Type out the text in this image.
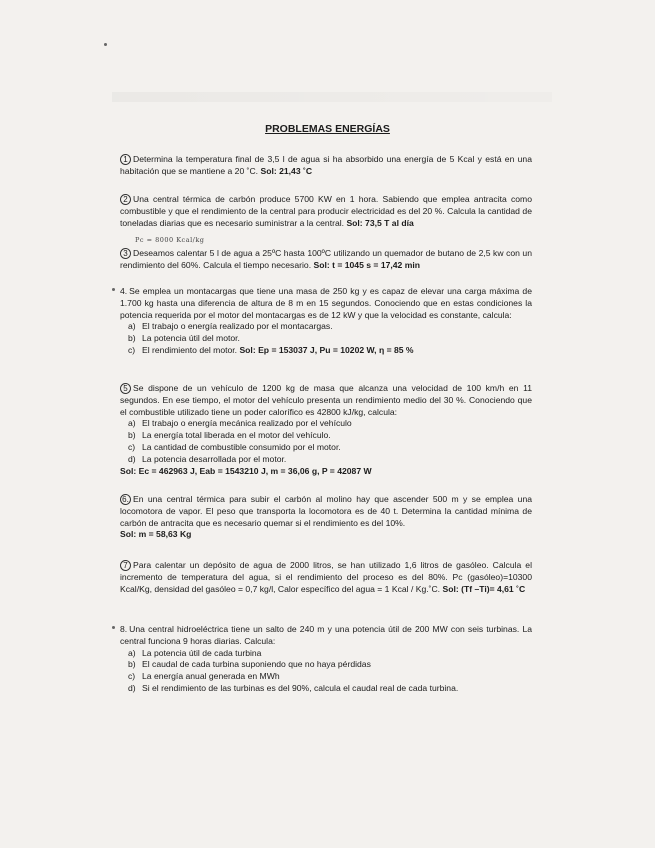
PROBLEMAS ENERGÍAS
1 Determina la temperatura final de 3,5 l de agua si ha absorbido una energía de 5 Kcal y está en una habitación que se mantiene a 20 ˚C. Sol: 21,43 ˚C
2 Una central térmica de carbón produce 5700 KW en 1 hora. Sabiendo que emplea antracita como combustible y que el rendimiento de la central para producir electricidad es del 20 %. Calcula la cantidad de toneladas diarias que es necesario suministrar a la central. Sol: 73,5 T al día
Pc = 8000 Kcal/kg
3 Deseamos calentar 5 l de agua a 25ºC hasta 100ºC utilizando un quemador de butano de 2,5 kw con un rendimiento del 60%. Calcula el tiempo necesario. Sol: t = 1045 s = 17,42 min
4. Se emplea un montacargas que tiene una masa de 250 kg y es capaz de elevar una carga máxima de 1.700 kg hasta una diferencia de altura de 8 m en 15 segundos. Conociendo que en estas condiciones la potencia requerida por el motor del montacargas es de 12 kW y que la velocidad es constante, calcula:
a) El trabajo o energía realizado por el montacargas.
b) La potencia útil del motor.
c) El rendimiento del motor. Sol: Ep = 153037 J, Pu = 10202 W, η = 85 %
5 Se dispone de un vehículo de 1200 kg de masa que alcanza una velocidad de 100 km/h en 11 segundos. En ese tiempo, el motor del vehículo presenta un rendimiento medio del 30 %. Conociendo que el combustible utilizado tiene un poder calorífico es 42800 kJ/kg, calcula:
a) El trabajo o energía mecánica realizado por el vehículo
b) La energía total liberada en el motor del vehículo.
c) La cantidad de combustible consumido por el motor.
d) La potencia desarrollada por el motor.
Sol: Ec = 462963 J, Eab = 1543210 J, m = 36,06 g, P = 42087 W
6. En una central térmica para subir el carbón al molino hay que ascender 500 m y se emplea una locomotora de vapor. El peso que transporta la locomotora es de 40 t. Determina la cantidad mínima de carbón de antracita que es necesario quemar si el rendimiento es del 10%.
Sol: m = 58,63 Kg
7 Para calentar un depósito de agua de 2000 litros, se han utilizado 1,6 litros de gasóleo. Calcula el incremento de temperatura del agua, si el rendimiento del proceso es del 80%. Pc (gasóleo)=10300 Kcal/Kg, densidad del gasóleo = 0,7 kg/l, Calor específico del agua = 1 Kcal / Kg.˚C. Sol: (Tf –Ti)= 4,61 ˚C
8. Una central hidroeléctrica tiene un salto de 240 m y una potencia útil de 200 MW con seis turbinas. La central funciona 9 horas diarias. Calcula:
a) La potencia útil de cada turbina
b) El caudal de cada turbina suponiendo que no haya pérdidas
c) La energía anual generada en MWh
d) Si el rendimiento de las turbinas es del 90%, calcula el caudal real de cada turbina.
